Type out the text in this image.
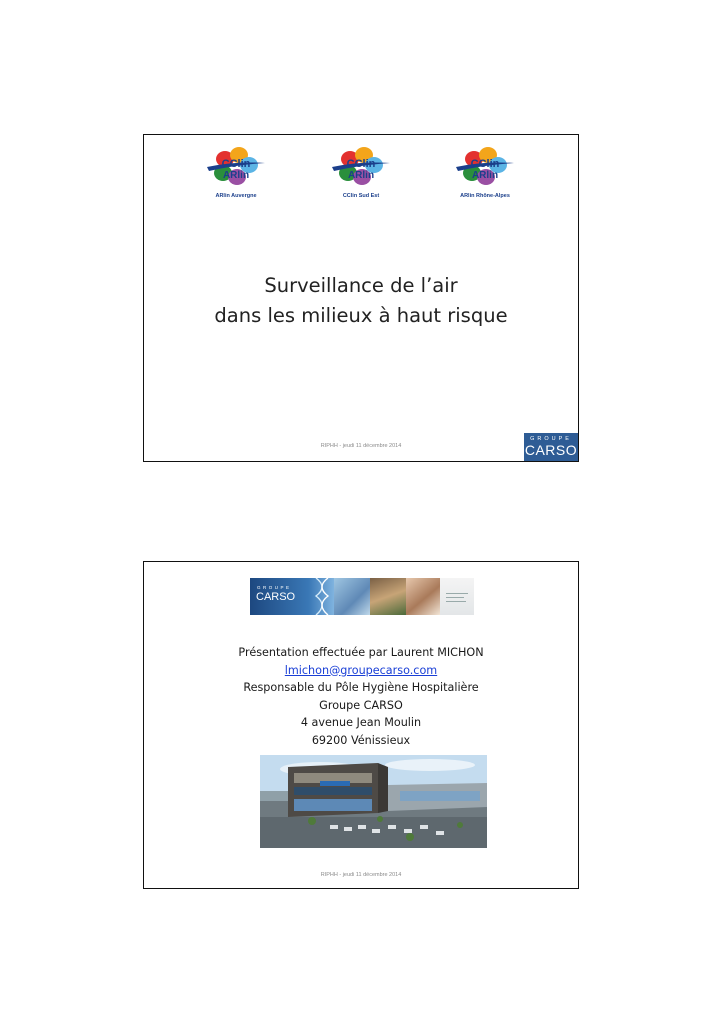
CClin
ARlin
ARlin Auvergne
CClin
ARlin
CClin Sud Est
CClin
ARlin
ARlin Rhône-Alpes
Surveillance de l’air
dans les milieux à haut risque
RIPHH - jeudi 11 décembre 2014
GROUPE
CARSO
GROUPE
CARSO
Présentation effectuée par Laurent MICHON
lmichon@groupecarso.com
Responsable du Pôle Hygiène Hospitalière
Groupe CARSO
4 avenue Jean Moulin
69200 Vénissieux
RIPHH - jeudi 11 décembre 2014
